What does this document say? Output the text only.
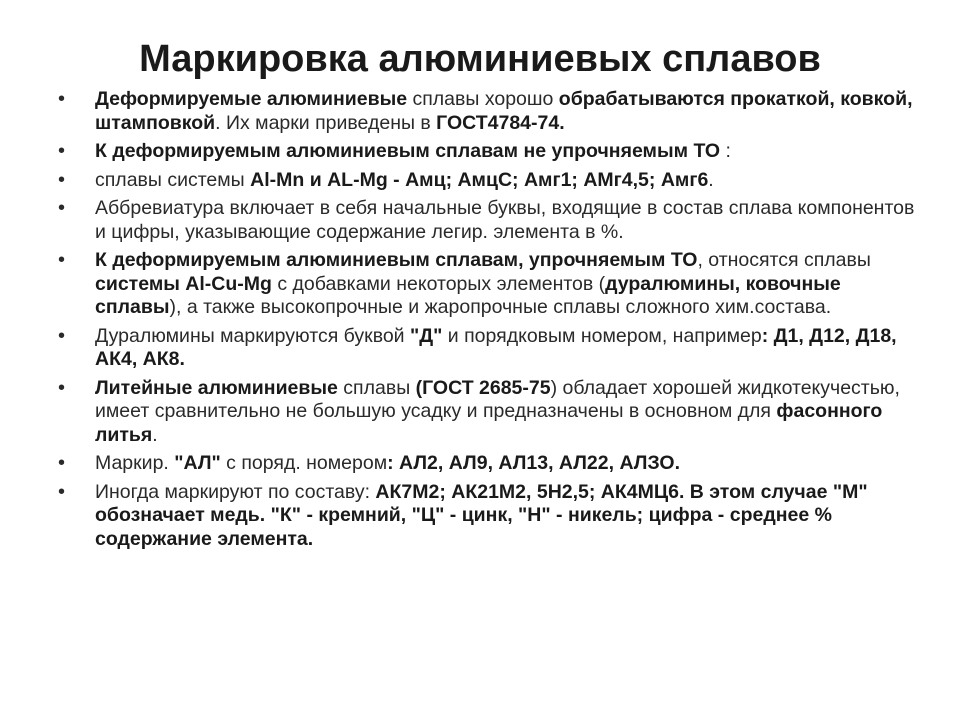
Маркировка алюминиевых сплавов
• Деформируемые алюминиевые сплавы хорошо обрабатываются прокаткой, ковкой, штамповкой. Их марки приведены в ГОСТ4784-74.
• К деформируемым алюминиевым сплавам не упрочняемым ТО :
• сплавы системы Al-Mn и AL-Mg - Амц; АмцС; Амг1; АМг4,5; Амг6.
• Аббревиатура включает в себя начальные буквы, входящие в состав сплава компонентов и цифры, указывающие содержание легир. элемента в %.
• К деформируемым алюминиевым сплавам, упрочняемым ТО, относятся сплавы системы Al-Cu-Mg с добавками некоторых элементов (дуралюмины, ковочные сплавы), а также высокопрочные и жаропрочные сплавы сложного хим.состава.
• Дуралюмины маркируются буквой "Д" и порядковым номером, например: Д1, Д12, Д18, АК4, АК8.
• Литейные алюминиевые сплавы (ГОСТ 2685-75) обладает хорошей жидкотекучестью, имеет сравнительно не большую усадку и предназначены в основном для фасонного литья.
• Маркир. "АЛ" с поряд. номером: АЛ2, АЛ9, АЛ13, АЛ22, АЛЗО.
• Иногда маркируют по составу: АК7М2; АК21М2, 5Н2,5; АК4МЦ6. В этом случае "М" обозначает медь. "К" - кремний, "Ц" - цинк, "Н" - никель; цифра - среднее % содержание элемента.
